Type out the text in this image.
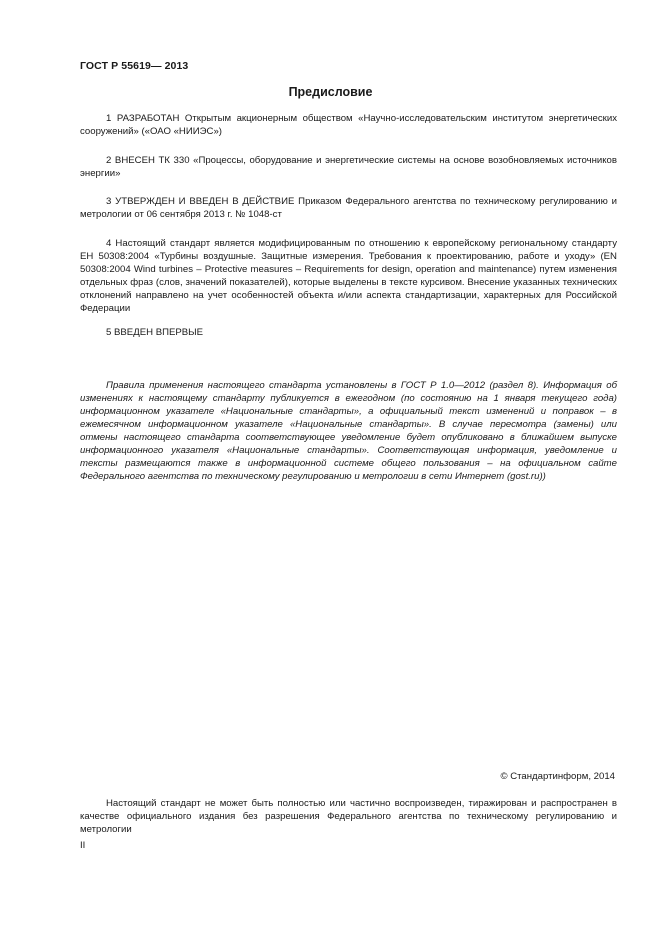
ГОСТ Р 55619— 2013
Предисловие

1 РАЗРАБОТАН Открытым акционерным обществом «Научно-исследовательским институтом энергетических сооружений» («ОАО «НИИЭС»)

2 ВНЕСЕН ТК 330 «Процессы, оборудование и энергетические системы на основе возобновляемых источников энергии»

3 УТВЕРЖДЕН И ВВЕДЕН В ДЕЙСТВИЕ Приказом Федерального агентства по техническому регулированию и метрологии от 06 сентября 2013 г. № 1048-ст

4 Настоящий стандарт является модифицированным по отношению к европейскому региональному стандарту ЕН 50308:2004 «Турбины воздушные. Защитные измерения. Требования к проектированию, работе и уходу» (EN 50308:2004 Wind turbines – Protective measures – Requirements for design, operation and maintenance) путем изменения отдельных фраз (слов, значений показателей), которые выделены в тексте курсивом. Внесение указанных технических отклонений направлено на учет особенностей объекта и/или аспекта стандартизации, характерных для Российской Федерации

5 ВВЕДЕН ВПЕРВЫЕ

Правила применения настоящего стандарта установлены в ГОСТ Р 1.0—2012 (раздел 8). Информация об изменениях к настоящему стандарту публикуется в ежегодном (по состоянию на 1 января текущего года) информационном указателе «Национальные стандарты», а официальный текст изменений и поправок – в ежемесячном информационном указателе «Национальные стандарты». В случае пересмотра (замены) или отмены настоящего стандарта соответствующее уведомление будет опубликовано в ближайшем выпуске информационного указателя «Национальные стандарты». Соответствующая информация, уведомление и тексты размещаются также в информационной системе общего пользования – на официальном сайте Федерального агентства по техническому регулированию и метрологии в сети Интернет (gost.ru))

© Стандартинформ, 2014

Настоящий стандарт не может быть полностью или частично воспроизведен, тиражирован и распространен в качестве официального издания без разрешения Федерального агентства по техническому регулированию и метрологии

II
